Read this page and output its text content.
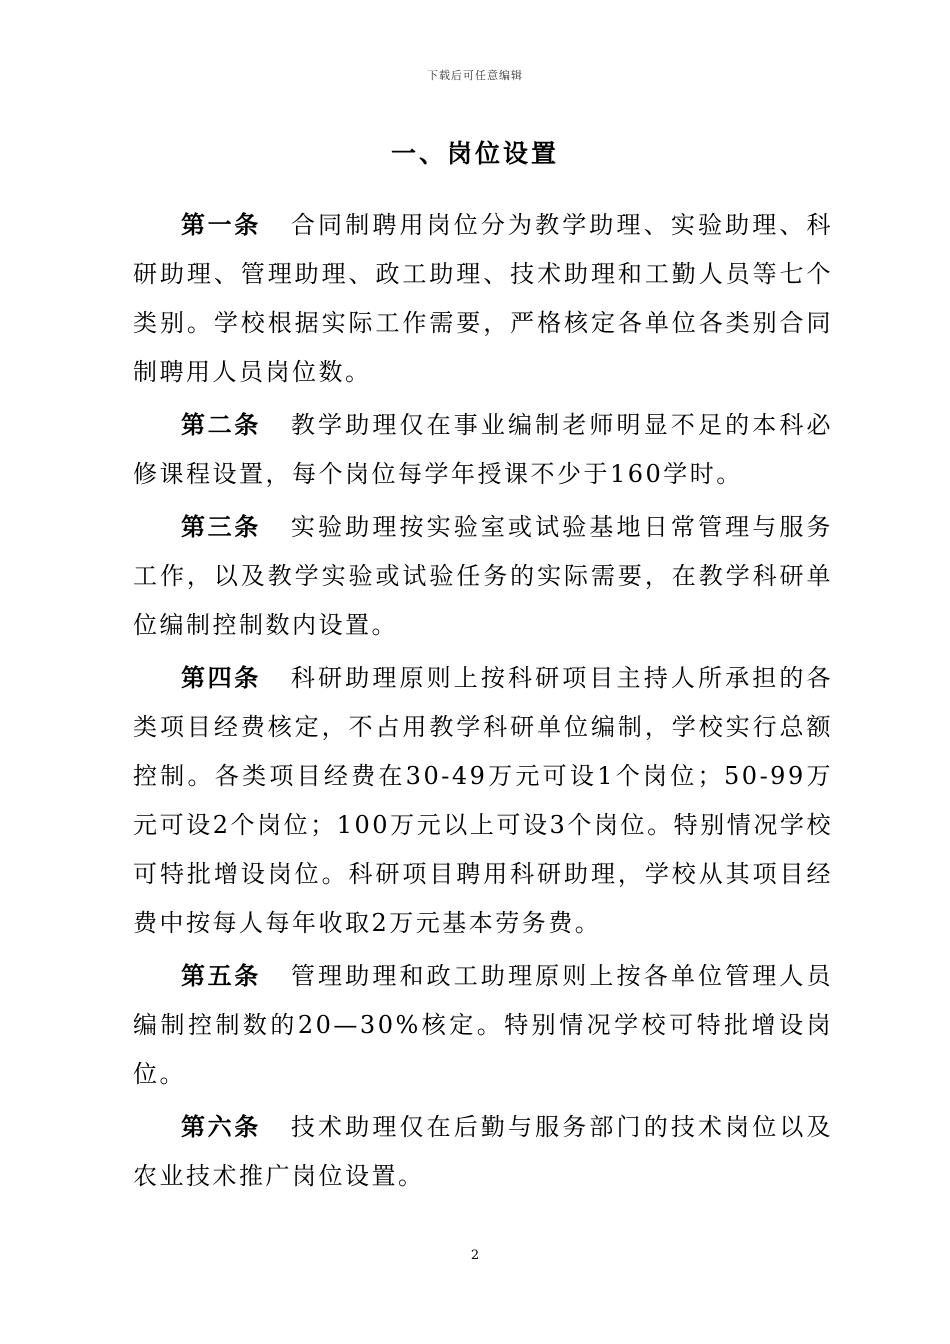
下载后可任意编辑
一、岗位设置

第一条 合同制聘用岗位分为教学助理、实验助理、科研助理、管理助理、政工助理、技术助理和工勤人员等七个类别。学校根据实际工作需要，严格核定各单位各类别合同制聘用人员岗位数。

第二条 教学助理仅在事业编制老师明显不足的本科必修课程设置，每个岗位每学年授课不少于160学时。

第三条 实验助理按实验室或试验基地日常管理与服务工作，以及教学实验或试验任务的实际需要，在教学科研单位编制控制数内设置。

第四条 科研助理原则上按科研项目主持人所承担的各类项目经费核定，不占用教学科研单位编制，学校实行总额控制。各类项目经费在30-49万元可设1个岗位；50-99万元可设2个岗位；100万元以上可设3个岗位。特别情况学校可特批增设岗位。科研项目聘用科研助理，学校从其项目经费中按每人每年收取2万元基本劳务费。

第五条 管理助理和政工助理原则上按各单位管理人员编制控制数的20—30%核定。特别情况学校可特批增设岗位。

第六条 技术助理仅在后勤与服务部门的技术岗位以及农业技术推广岗位设置。

2
